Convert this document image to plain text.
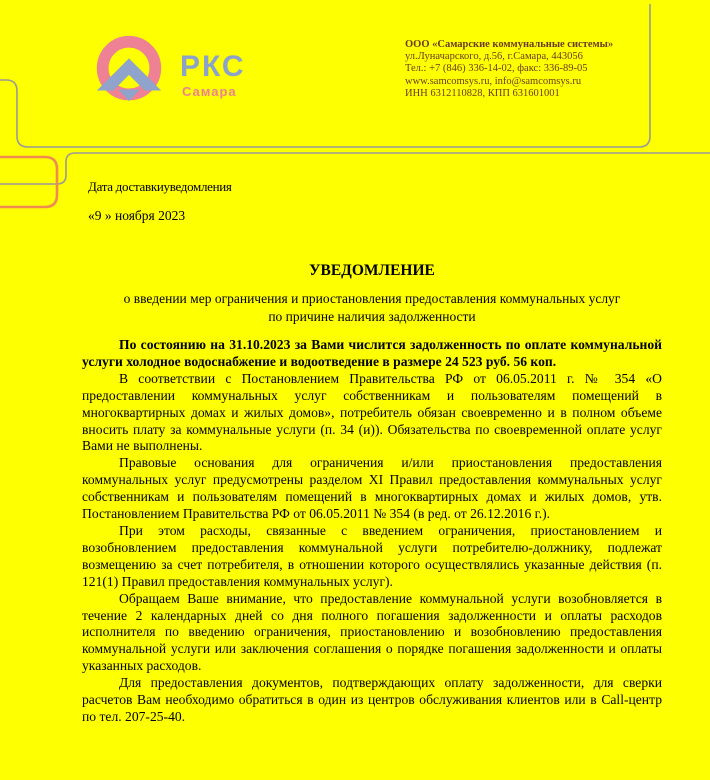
РКС
Самара
ООО «Самарские коммунальные системы»
ул.Луначарского, д.56, г.Самара, 443056
Тел.: +7 (846) 336-14-02, факс: 336-89-05
www.samcomsys.ru, info@samcomsys.ru
ИНН 6312110828, КПП 631601001
Дата доставкиуведомления
«9 » ноября 2023
УВЕДОМЛЕНИЕ
о введении мер ограничения и приостановления предоставления коммунальных услуг
по причине наличия задолженности

По состоянию на 31.10.2023 за Вами числится задолженность по оплате коммунальной услуги холодное водоснабжение и водоотведение в размере 24 523 руб. 56 коп.

В соответствии с Постановлением Правительства РФ от 06.05.2011 г. № 354 «О предоставлении коммунальных услуг собственникам и пользователям помещений в многоквартирных домах и жилых домов», потребитель обязан своевременно и в полном объеме вносить плату за коммунальные услуги (п. 34 (и)). Обязательства по своевременной оплате услуг Вами не выполнены.

Правовые основания для ограничения и/или приостановления предоставления коммунальных услуг предусмотрены разделом XI Правил предоставления коммунальных услуг собственникам и пользователям помещений в многоквартирных домах и жилых домов, утв. Постановлением Правительства РФ от 06.05.2011 № 354 (в ред. от 26.12.2016 г.).

При этом расходы, связанные с введением ограничения, приостановлением и возобновлением предоставления коммунальной услуги потребителю-должнику, подлежат возмещению за счет потребителя, в отношении которого осуществлялись указанные действия (п. 121(1) Правил предоставления коммунальных услуг).

Обращаем Ваше внимание, что предоставление коммунальной услуги возобновляется в течение 2 календарных дней со дня полного погашения задолженности и оплаты расходов исполнителя по введению ограничения, приостановлению и возобновлению предоставления коммунальной услуги или заключения соглашения о порядке погашения задолженности и оплаты указанных расходов.

Для предоставления документов, подтверждающих оплату задолженности, для сверки расчетов Вам необходимо обратиться в один из центров обслуживания клиентов или в Call-центр по тел. 207-25-40.
